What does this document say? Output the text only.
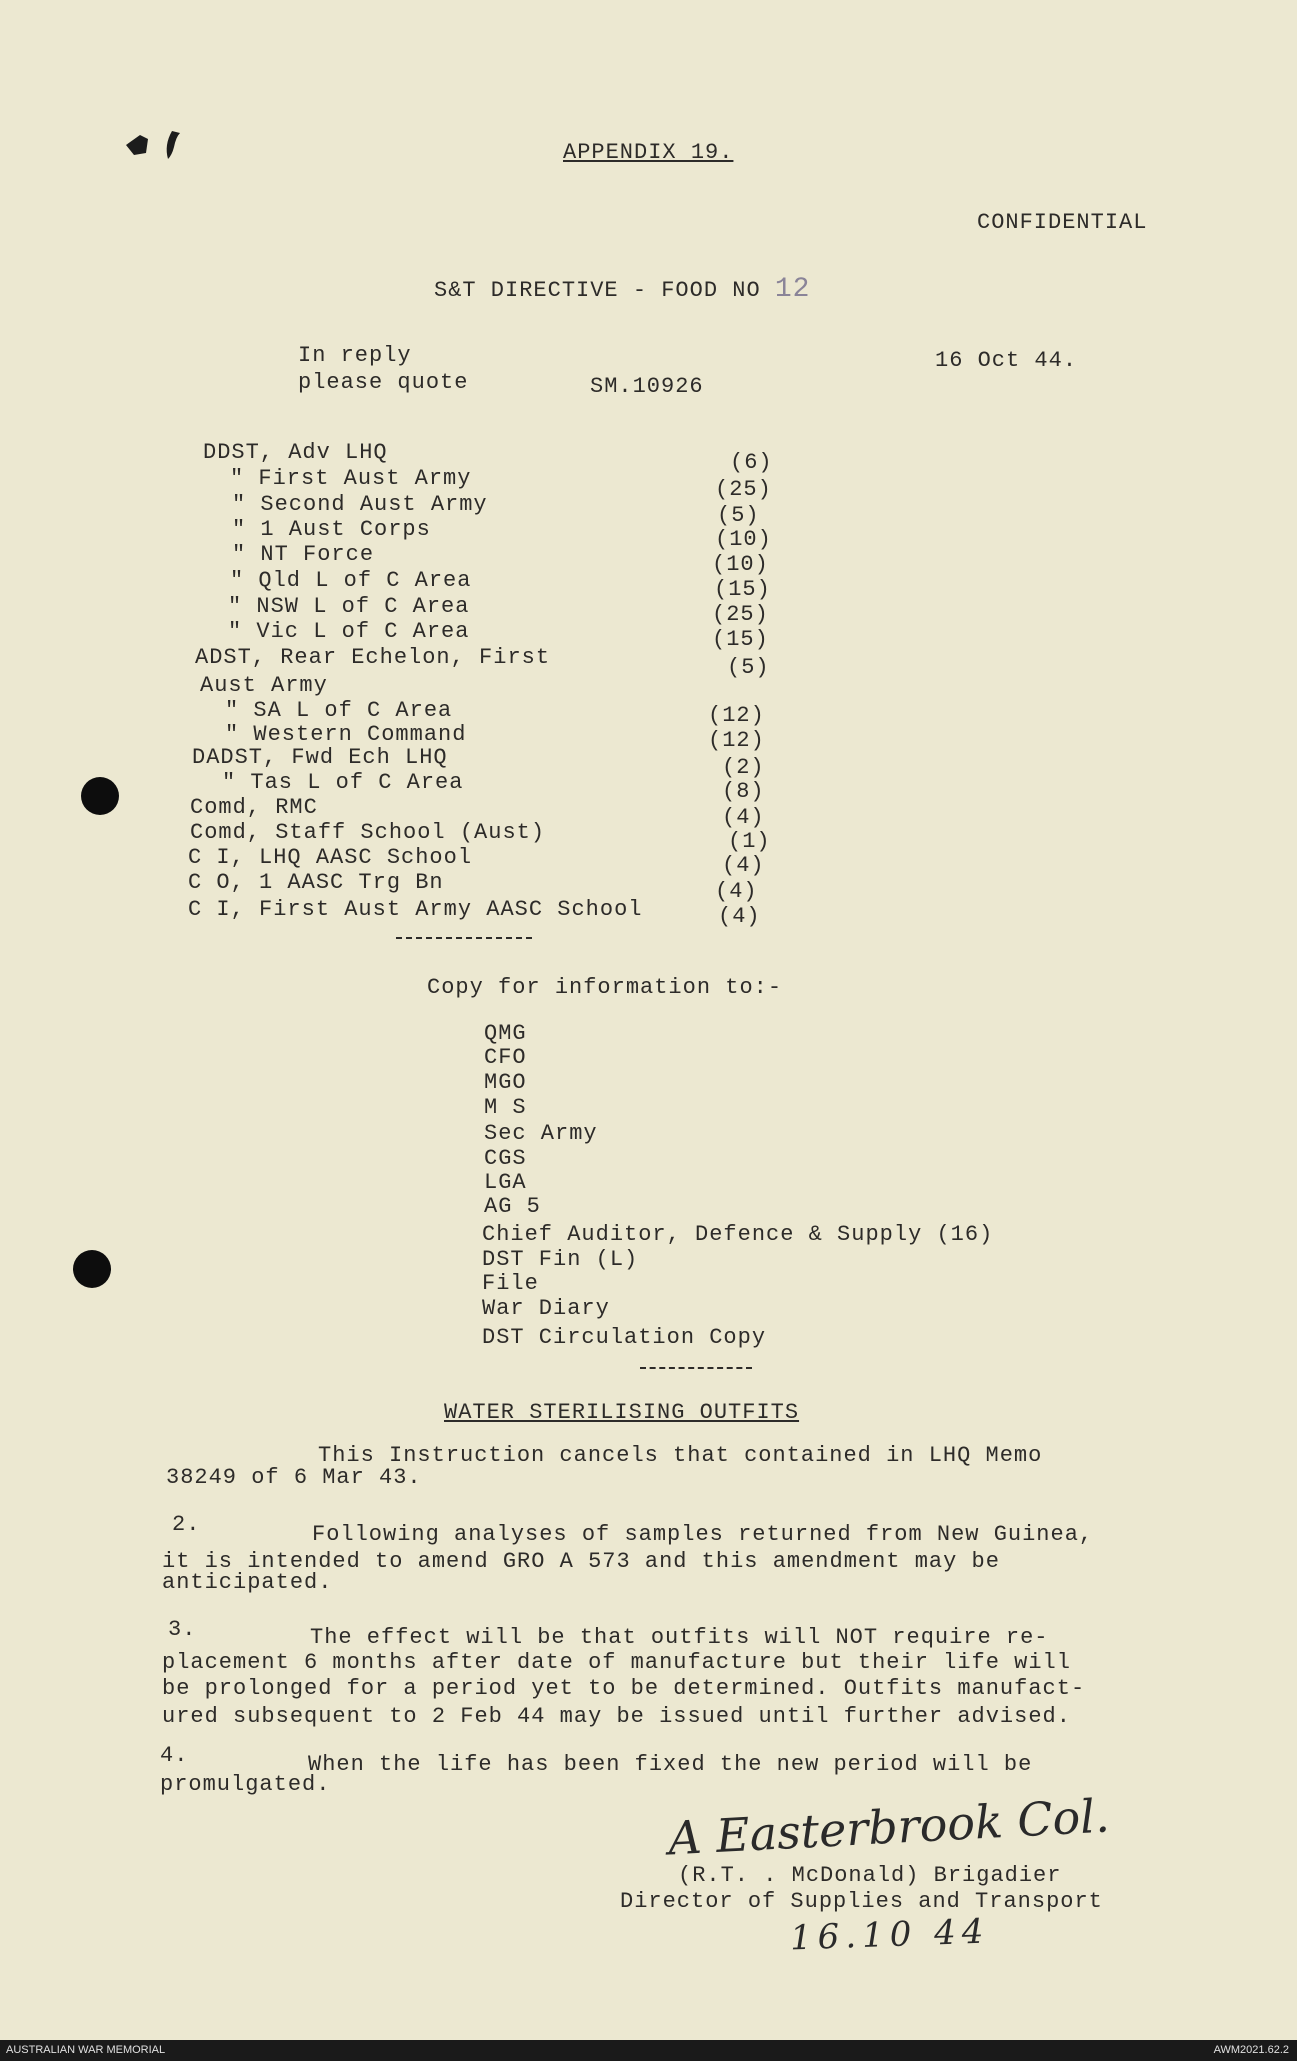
APPENDIX 19.
CONFIDENTIAL
S&T DIRECTIVE - FOOD NO 12
In reply
please quote	SM.10926
16 Oct 44.
DDST, Adv LHQ	(6)
" First Aust Army	(25)
" Second Aust Army	(5)
" 1 Aust Corps	(10)
" NT Force	(10)
" Qld L of C Area	(15)
" NSW L of C Area	(25)
" Vic L of C Area	(15)
ADST, Rear Echelon, First	(5)
Aust Army
" SA L of C Area	(12)
" Western Command	(12)
DADST, Fwd Ech LHQ	(2)
" Tas L of C Area	(8)
Comd, RMC	(4)
Comd, Staff School (Aust)	(1)
C I, LHQ AASC School	(4)
C O, 1 AASC Trg Bn	(4)
C I, First Aust Army AASC School	(4)
Copy for information to:-
QMG
CFO
MGO
M S
Sec Army
CGS
LGA
AG 5
Chief Auditor, Defence & Supply (16)
DST Fin (L)
File
War Diary
DST Circulation Copy
WATER STERILISING OUTFITS
This Instruction cancels that contained in LHQ Memo
38249 of 6 Mar 43.
2.	Following analyses of samples returned from New Guinea,
it is intended to amend GRO A 573 and this amendment may be
anticipated.
3.	The effect will be that outfits will NOT require re-
placement 6 months after date of manufacture but their life will
be prolonged for a period yet to be determined. Outfits manufact-
ured subsequent to 2 Feb 44 may be issued until further advised.
4.	When the life has been fixed the new period will be
promulgated.
A Easterbrook Col.
(R.T. . McDonald) Brigadier
Director of Supplies and Transport
16.10 44
AUSTRALIAN WAR MEMORIAL	AWM2021.62.2
